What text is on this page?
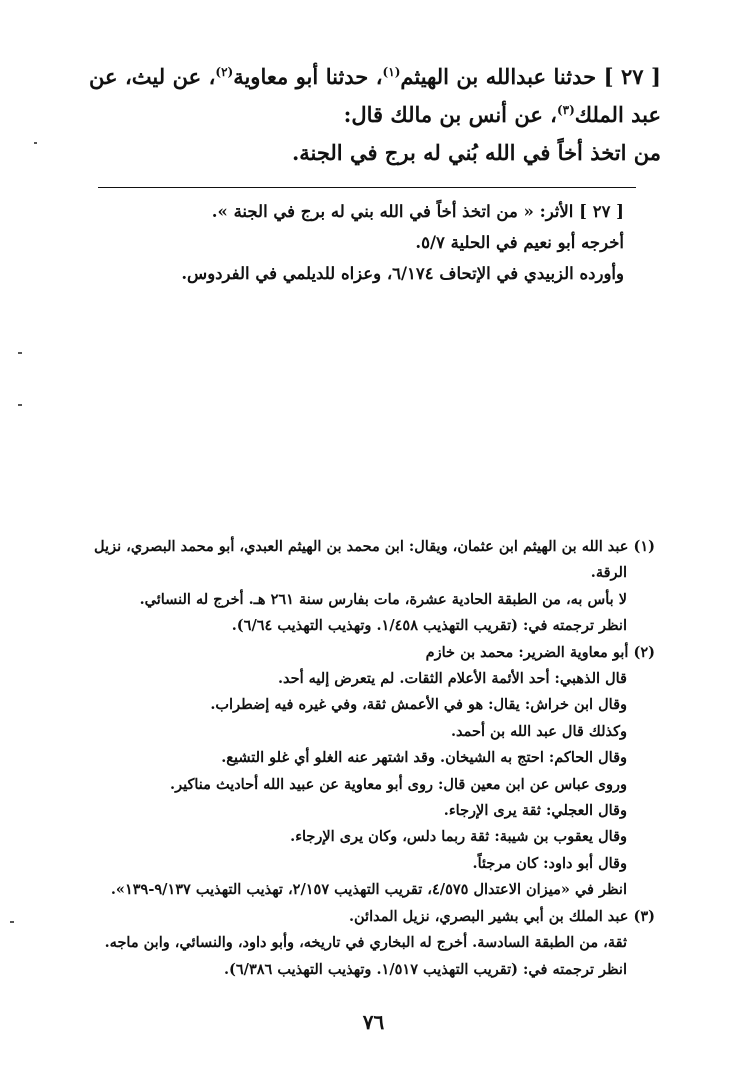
[ ٢٧ ] حدثنا عبدالله بن الهيثم$^{(١)}$، حدثنا أبو معاوية$^{(٢)}$، عن ليث، عن
عبد الملك$^{(٣)}$، عن أنس بن مالك قال:
من اتخذ أخاً في الله بُني له برج في الجنة.
[ ٢٧ ] الأثر: « من اتخذ أخاً في الله بني له برج في الجنة ».
أخرجه أبو نعيم في الحلية ٥/٧.
وأورده الزبيدي في الإتحاف ٦/١٧٤، وعزاه للديلمي في الفردوس.
(١) عبد الله بن الهيثم ابن عثمان، ويقال: ابن محمد بن الهيثم العبدي، أبو محمد البصري، نزيل
الرقة.
لا بأس به، من الطبقة الحادية عشرة، مات بفارس سنة ٢٦١ هـ. أخرج له النسائي.
انظر ترجمته في: (تقريب التهذيب ١/٤٥٨. وتهذيب التهذيب ٦/٦٤).
(٢) أبو معاوية الضرير: محمد بن خازم
قال الذهبي: أحد الأئمة الأعلام الثقات. لم يتعرض إليه أحد.
وقال ابن خراش: يقال: هو في الأعمش ثقة، وفي غيره فيه إضطراب.
وكذلك قال عبد الله بن أحمد.
وقال الحاكم: احتج به الشيخان. وقد اشتهر عنه الغلو أي غلو التشيع.
وروى عباس عن ابن معين قال: روى أبو معاوية عن عبيد الله أحاديث مناكير.
وقال العجلي: ثقة يرى الإرجاء.
وقال يعقوب بن شيبة: ثقة ربما دلس، وكان يرى الإرجاء.
وقال أبو داود: كان مرجئاً.
انظر في «ميزان الاعتدال ٤/٥٧٥، تقريب التهذيب ٢/١٥٧، تهذيب التهذيب ٩/١٣٧-١٣٩».
(٣) عبد الملك بن أبي بشير البصري، نزيل المدائن.
ثقة، من الطبقة السادسة. أخرج له البخاري في تاريخه، وأبو داود، والنسائي، وابن ماجه.
انظر ترجمته في: (تقريب التهذيب ١/٥١٧. وتهذيب التهذيب ٦/٣٨٦).
٧٦
